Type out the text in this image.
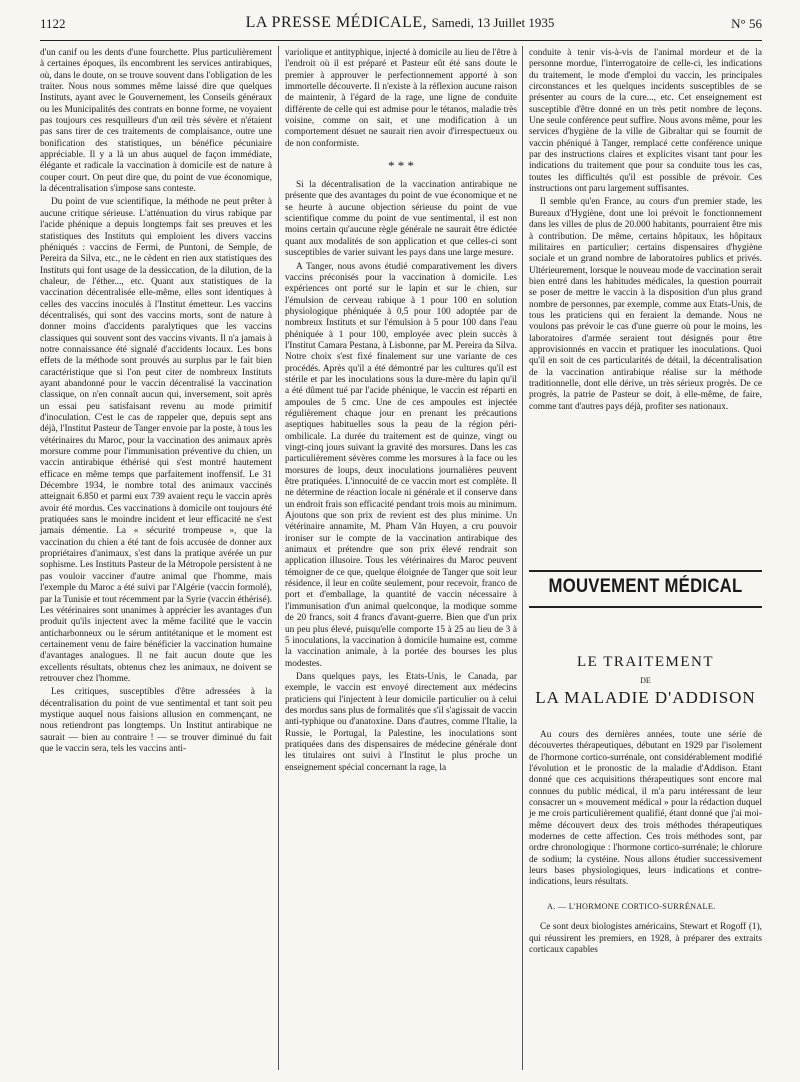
1122	LA PRESSE MÉDICALE, Samedi, 13 Juillet 1935	N° 56

d'un canif ou les dents d'une fourchette. Plus particulièrement à certaines époques, ils encombrent les services antirabiques, où, dans le doute, on se trouve souvent dans l'obligation de les traiter. Nous nous sommes même laissé dire que quelques Instituts, ayant avec le Gouvernement, les Conseils généraux ou les Municipalités des contrats en bonne forme, ne voyaient pas toujours ces resquilleurs d'un œil très sévère et n'étaient pas sans tirer de ces traitements de complaisance, outre une bonification des statistiques, un bénéfice pécuniaire appréciable. Il y a là un abus auquel de façon immédiate, élégante et radicale la vaccination à domicile est de nature à couper court. On peut dire que, du point de vue économique, la décentralisation s'impose sans conteste.

Du point de vue scientifique, la méthode ne peut prêter à aucune critique sérieuse. L'atténuation du virus rabique par l'acide phénique a depuis longtemps fait ses preuves et les statistiques des Instituts qui emploient les divers vaccins phéniqués : vaccins de Fermi, de Puntoni, de Semple, de Pereira da Silva, etc., ne le cèdent en rien aux statistiques des Instituts qui font usage de la dessiccation, de la dilution, de la chaleur, de l'éther..., etc. Quant aux statistiques de la vaccination décentralisée elle-même, elles sont identiques à celles des vaccins inoculés à l'Institut émetteur. Les vaccins décentralisés, qui sont des vaccins morts, sont de nature à donner moins d'accidents paralytiques que les vaccins classiques qui souvent sont des vaccins vivants. Il n'a jamais à notre connaissance été signalé d'accidents locaux. Les bons effets de la méthode sont prouvés au surplus par le fait bien caractéristique que si l'on peut citer de nombreux Instituts ayant abandonné pour le vaccin décentralisé la vaccination classique, on n'en connaît aucun qui, inversement, soit après un essai peu satisfaisant revenu au mode primitif d'inoculation. C'est le cas de rappeler que, depuis sept ans déjà, l'Institut Pasteur de Tanger envoie par la poste, à tous les vétérinaires du Maroc, pour la vaccination des animaux après morsure comme pour l'immunisation préventive du chien, un vaccin antirabique éthérisé qui s'est montré hautement efficace en même temps que parfaitement inoffensif. Le 31 Décembre 1934, le nombre total des animaux vaccinés atteignait 6.850 et parmi eux 739 avaient reçu le vaccin après avoir été mordus. Ces vaccinations à domicile ont toujours été pratiquées sans le moindre incident et leur efficacité ne s'est jamais démentie. La « sécurité trompeuse », que la vaccination du chien a été tant de fois accusée de donner aux propriétaires d'animaux, s'est dans la pratique avérée un pur sophisme. Les Instituts Pasteur de la Métropole persistent à ne pas vouloir vacciner d'autre animal que l'homme, mais l'exemple du Maroc a été suivi par l'Algérie (vaccin formolé), par la Tunisie et tout récemment par la Syrie (vaccin éthérisé). Les vétérinaires sont unanimes à apprécier les avantages d'un produit qu'ils injectent avec la même facilité que le vaccin anticharbonneux ou le sérum antitétanique et le moment est certainement venu de faire bénéficier la vaccination humaine d'avantages analogues. Il ne fait aucun doute que les excellents résultats, obtenus chez les animaux, ne doivent se retrouver chez l'homme.

Les critiques, susceptibles d'être adressées à la décentralisation du point de vue sentimental et tant soit peu mystique auquel nous faisions allusion en commençant, ne nous retiendront pas longtemps. Un Institut antirabique ne saurait — bien au contraire ! — se trouver diminué du fait que le vaccin sera, tels les vaccins anti-

variolique et antityphique, injecté à domicile au lieu de l'être à l'endroit où il est préparé et Pasteur eût été sans doute le premier à approuver le perfectionnement apporté à son immortelle découverte. Il n'existe à la réflexion aucune raison de maintenir, à l'égard de la rage, une ligne de conduite différente de celle qui est admise pour le tétanos, maladie très voisine, comme on sait, et une modification à un comportement désuet ne saurait rien avoir d'irrespectueux ou de non conformiste.

* * *

Si la décentralisation de la vaccination antirabique ne présente que des avantages du point de vue économique et ne se heurte à aucune objection sérieuse du point de vue scientifique comme du point de vue sentimental, il est non moins certain qu'aucune règle générale ne saurait être édictée quant aux modalités de son application et que celles-ci sont susceptibles de varier suivant les pays dans une large mesure.

A Tanger, nous avons étudié comparativement les divers vaccins préconisés pour la vaccination à domicile. Les expériences ont porté sur le lapin et sur le chien, sur l'émulsion de cerveau rabique à 1 pour 100 en solution physiologique phéniquée à 0,5 pour 100 adoptée par de nombreux Instituts et sur l'émulsion à 5 pour 100 dans l'eau phéniquée à 1 pour 100, employée avec plein succès à l'Institut Camara Pestana, à Lisbonne, par M. Pereira da Silva. Notre choix s'est fixé finalement sur une variante de ces procédés. Après qu'il a été démontré par les cultures qu'il est stérile et par les inoculations sous la dure-mère du lapin qu'il a été dûment tué par l'acide phénique, le vaccin est réparti en ampoules de 5 cmc. Une de ces ampoules est injectée régulièrement chaque jour en prenant les précautions aseptiques habituelles sous la peau de la région péri-ombilicale. La durée du traitement est de quinze, vingt ou vingt-cinq jours suivant la gravité des morsures. Dans les cas particulièrement sévères comme les morsures à la face ou les morsures de loups, deux inoculations journalières peuvent être pratiquées. L'innocuité de ce vaccin mort est complète. Il ne détermine de réaction locale ni générale et il conserve dans un endroit frais son efficacité pendant trois mois au minimum. Ajoutons que son prix de revient est des plus minime. Un vétérinaire annamite, M. Pham Văn Huyen, a cru pouvoir ironiser sur le compte de la vaccination antirabique des animaux et prétendre que son prix élevé rendrait son application illusoire. Tous les vétérinaires du Maroc peuvent témoigner de ce que, quelque éloignée de Tanger que soit leur résidence, il leur en coûte seulement, pour recevoir, franco de port et d'emballage, la quantité de vaccin nécessaire à l'immunisation d'un animal quelconque, la modique somme de 20 francs, soit 4 francs d'avant-guerre. Bien que d'un prix un peu plus élevé, puisqu'elle comporte 15 à 25 au lieu de 3 à 5 inoculations, la vaccination à domicile humaine est, comme la vaccination animale, à la portée des bourses les plus modestes.

Dans quelques pays, les Etats-Unis, le Canada, par exemple, le vaccin est envoyé directement aux médecins praticiens qui l'injectent à leur domicile particulier ou à celui des mordus sans plus de formalités que s'il s'agissait de vaccin anti-typhique ou d'anatoxine. Dans d'autres, comme l'Italie, la Russie, le Portugal, la Palestine, les inoculations sont pratiquées dans des dispensaires de médecine générale dont les titulaires ont suivi à l'Institut le plus proche un enseignement spécial concernant la rage, la

conduite à tenir vis-à-vis de l'animal mordeur et de la personne mordue, l'interrogatoire de celle-ci, les indications du traitement, le mode d'emploi du vaccin, les principales circonstances et les quelques incidents susceptibles de se présenter au cours de la cure..., etc. Cet enseignement est susceptible d'être donné en un très petit nombre de leçons. Une seule conférence peut suffire. Nous avons même, pour les services d'hygiène de la ville de Gibraltar qui se fournit de vaccin phéniqué à Tanger, remplacé cette conférence unique par des instructions claires et explicites visant tant pour les indications du traitement que pour sa conduite tous les cas, toutes les difficultés qu'il est possible de prévoir. Ces instructions ont paru largement suffisantes.

Il semble qu'en France, au cours d'un premier stade, les Bureaux d'Hygiène, dont une loi prévoit le fonctionnement dans les villes de plus de 20.000 habitants, pourraient être mis à contribution. De même, certains hôpitaux, les hôpitaux militaires en particulier; certains dispensaires d'hygiène sociale et un grand nombre de laboratoires publics et privés. Ultérieurement, lorsque le nouveau mode de vaccination serait bien entré dans les habitudes médicales, la question pourrait se poser de mettre le vaccin à la disposition d'un plus grand nombre de personnes, par exemple, comme aux Etats-Unis, de tous les praticiens qui en feraient la demande. Nous ne voulons pas prévoir le cas d'une guerre où pour le moins, les laboratoires d'armée seraient tout désignés pour être approvisionnés en vaccin et pratiquer les inoculations. Quoi qu'il en soit de ces particularités de détail, la décentralisation de la vaccination antirabique réalise sur la méthode traditionnelle, dont elle dérive, un très sérieux progrès. De ce progrès, la patrie de Pasteur se doit, à elle-même, de faire, comme tant d'autres pays déjà, profiter ses nationaux.

MOUVEMENT MÉDICAL
LE TRAITEMENT
DE
LA MALADIE D'ADDISON

Au cours des dernières années, toute une série de découvertes thérapeutiques, débutant en 1929 par l'isolement de l'hormone cortico-surrénale, ont considérablement modifié l'évolution et le pronostic de la maladie d'Addison. Etant donné que ces acquisitions thérapeutiques sont encore mal connues du public médical, il m'a paru intéressant de leur consacrer un « mouvement médical » pour la rédaction duquel je me crois particulièrement qualifié, étant donné que j'ai moi-même découvert deux des trois méthodes thérapeutiques modernes de cette affection. Ces trois méthodes sont, par ordre chronologique : l'hormone cortico-surrénale; le chlorure de sodium; la cystéine. Nous allons étudier successivement leurs bases physiologiques, leurs indications et contre-indications, leurs résultats.

A. — L'HORMONE CORTICO-SURRÉNALE.

Ce sont deux biologistes américains, Stewart et Rogoff (1), qui réussirent les premiers, en 1928, à préparer des extraits corticaux capables
